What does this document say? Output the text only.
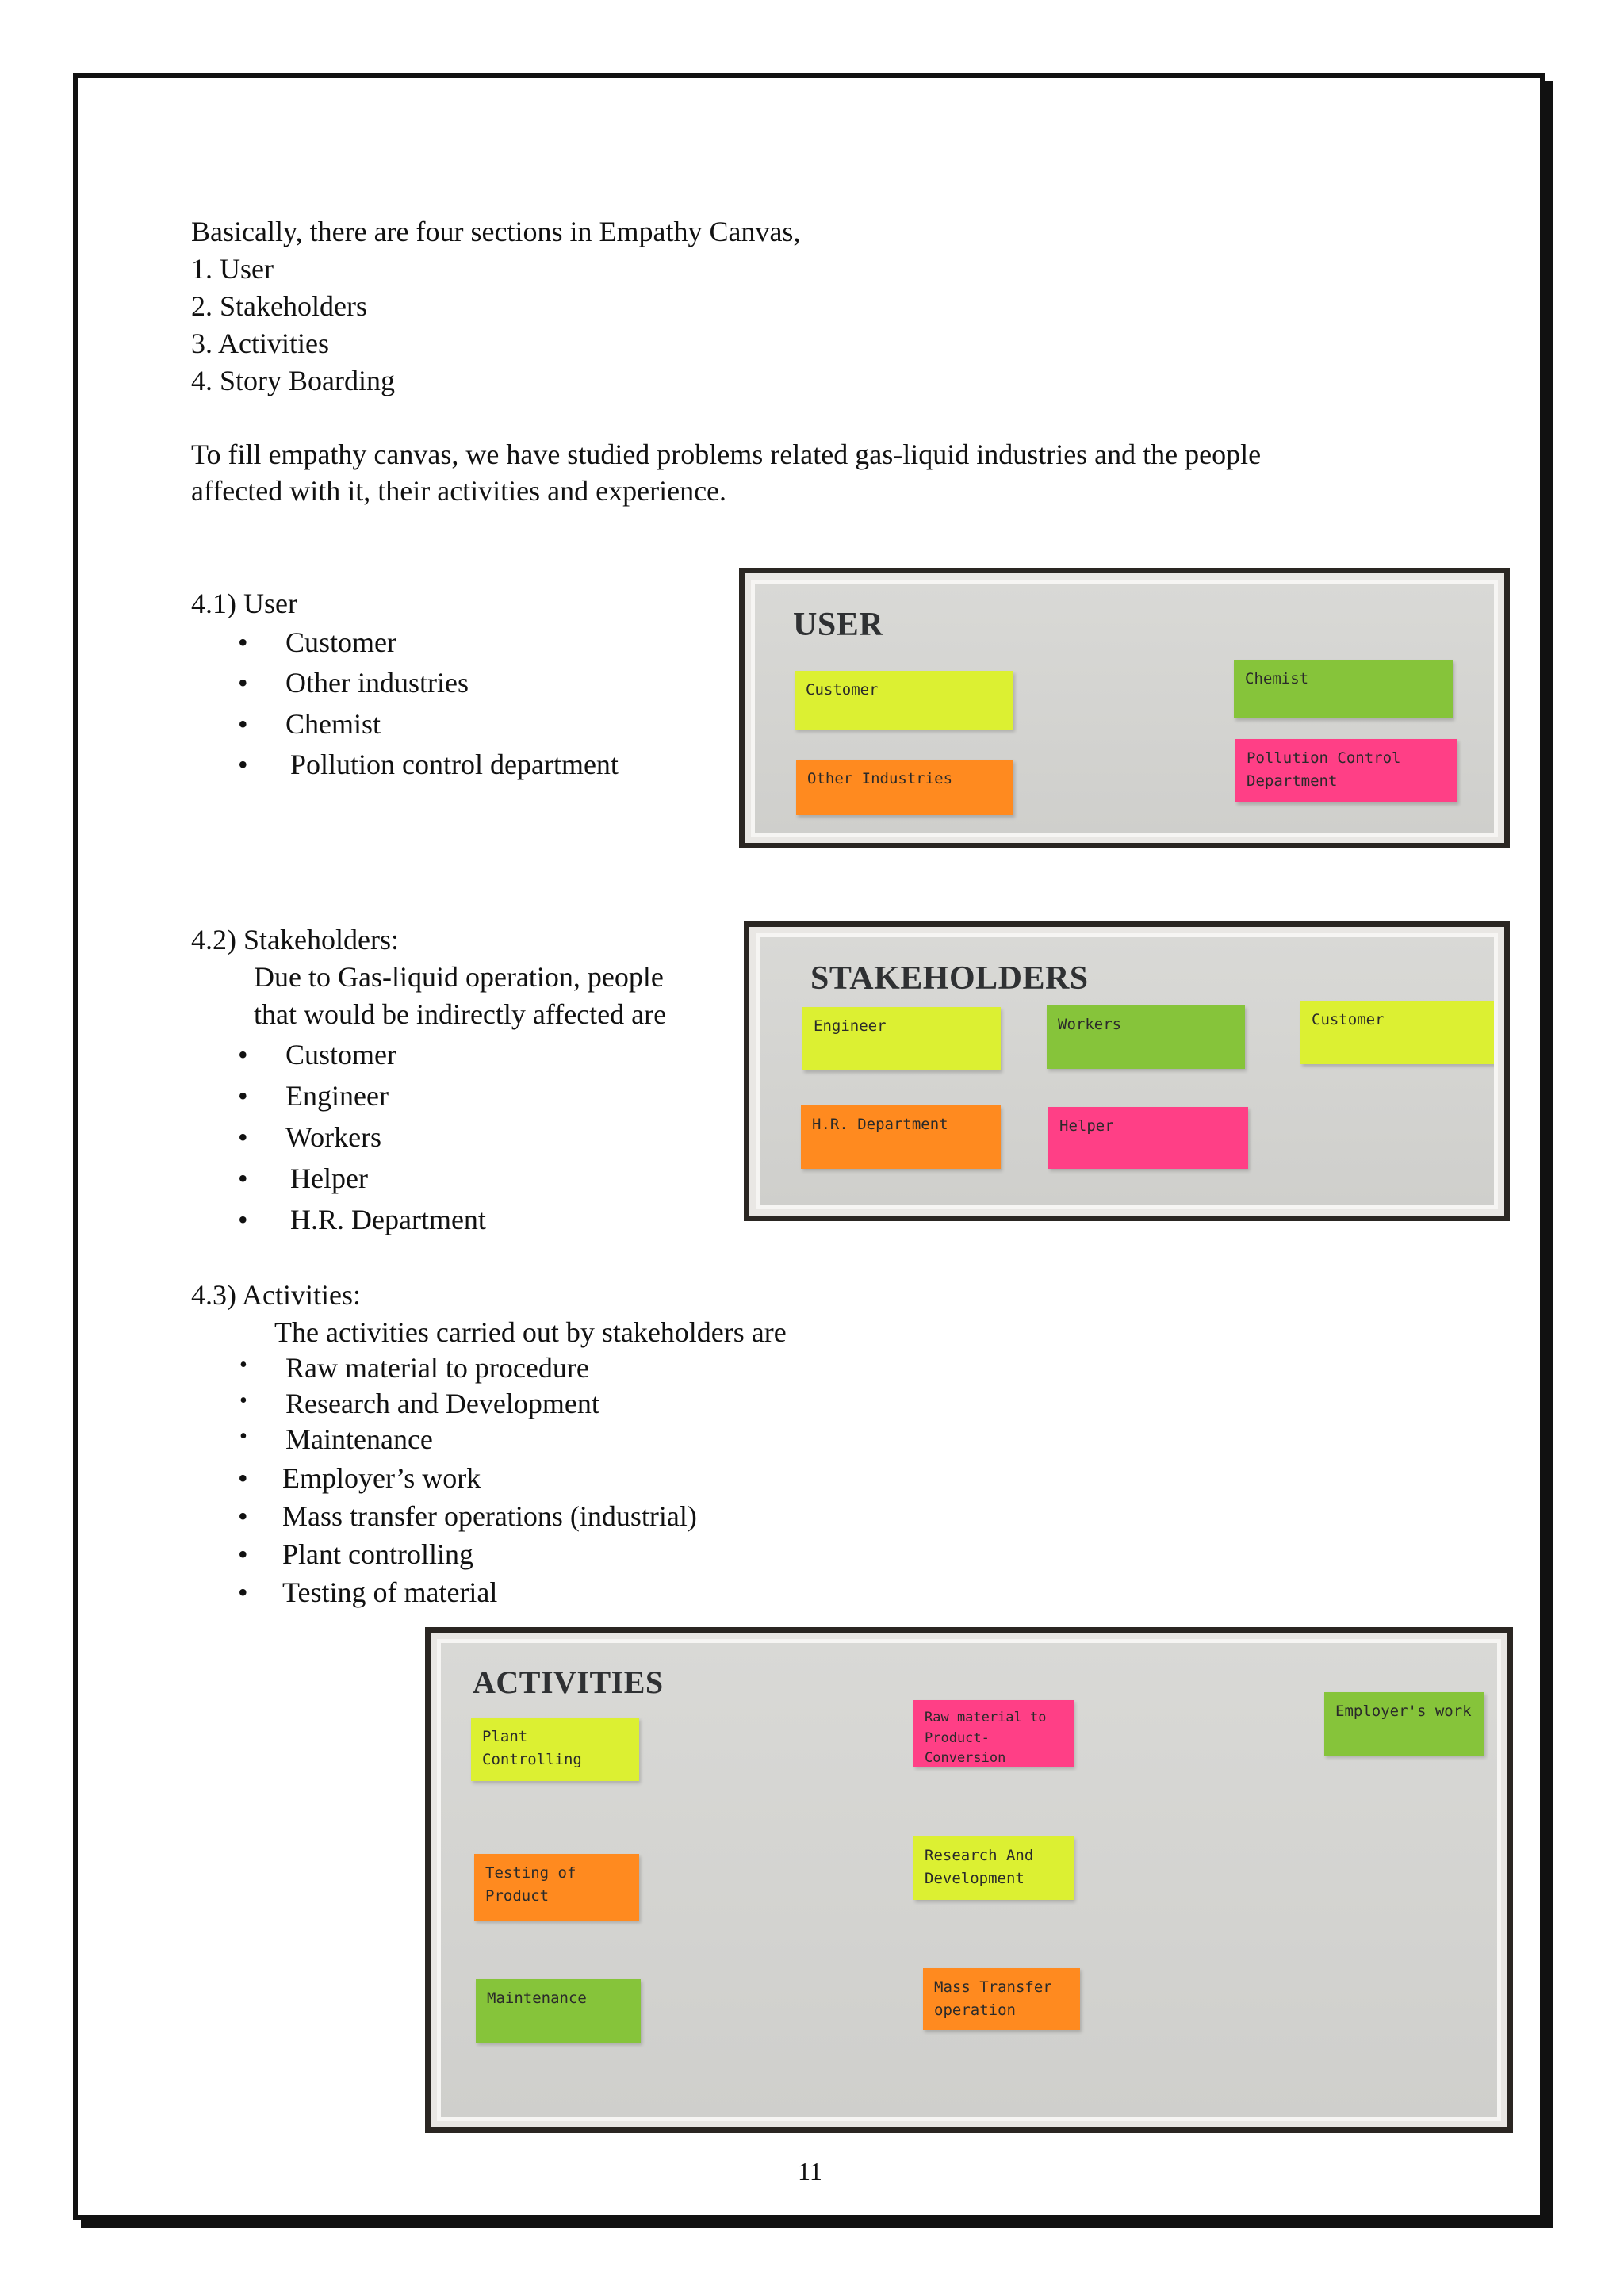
Basically, there are four sections in Empathy Canvas,
1. User
2. Stakeholders
3. Activities
4. Story Boarding
To fill empathy canvas, we have studied problems related gas-liquid industries and the people
affected with it, their activities and experience.
4.1) User
• Customer
• Other industries
• Chemist
• Pollution control department
USER
Customer
Other Industries
Chemist
Pollution Control Department
4.2) Stakeholders:
Due to Gas-liquid operation, people
that would be indirectly affected are
• Customer
• Engineer
• Workers
• Helper
• H.R. Department
STAKEHOLDERS
Engineer	Workers	Customer
H.R. Department	Helper
4.3) Activities:
The activities carried out by stakeholders are
• Raw material to procedure
• Research and Development
• Maintenance
• Employer’s work
• Mass transfer operations (industrial)
• Plant controlling
• Testing of material
ACTIVITIES
Plant Controlling
Raw material to Product-Conversion
Employer's work
Testing of Product
Research And Development
Maintenance
Mass Transfer operation
11
